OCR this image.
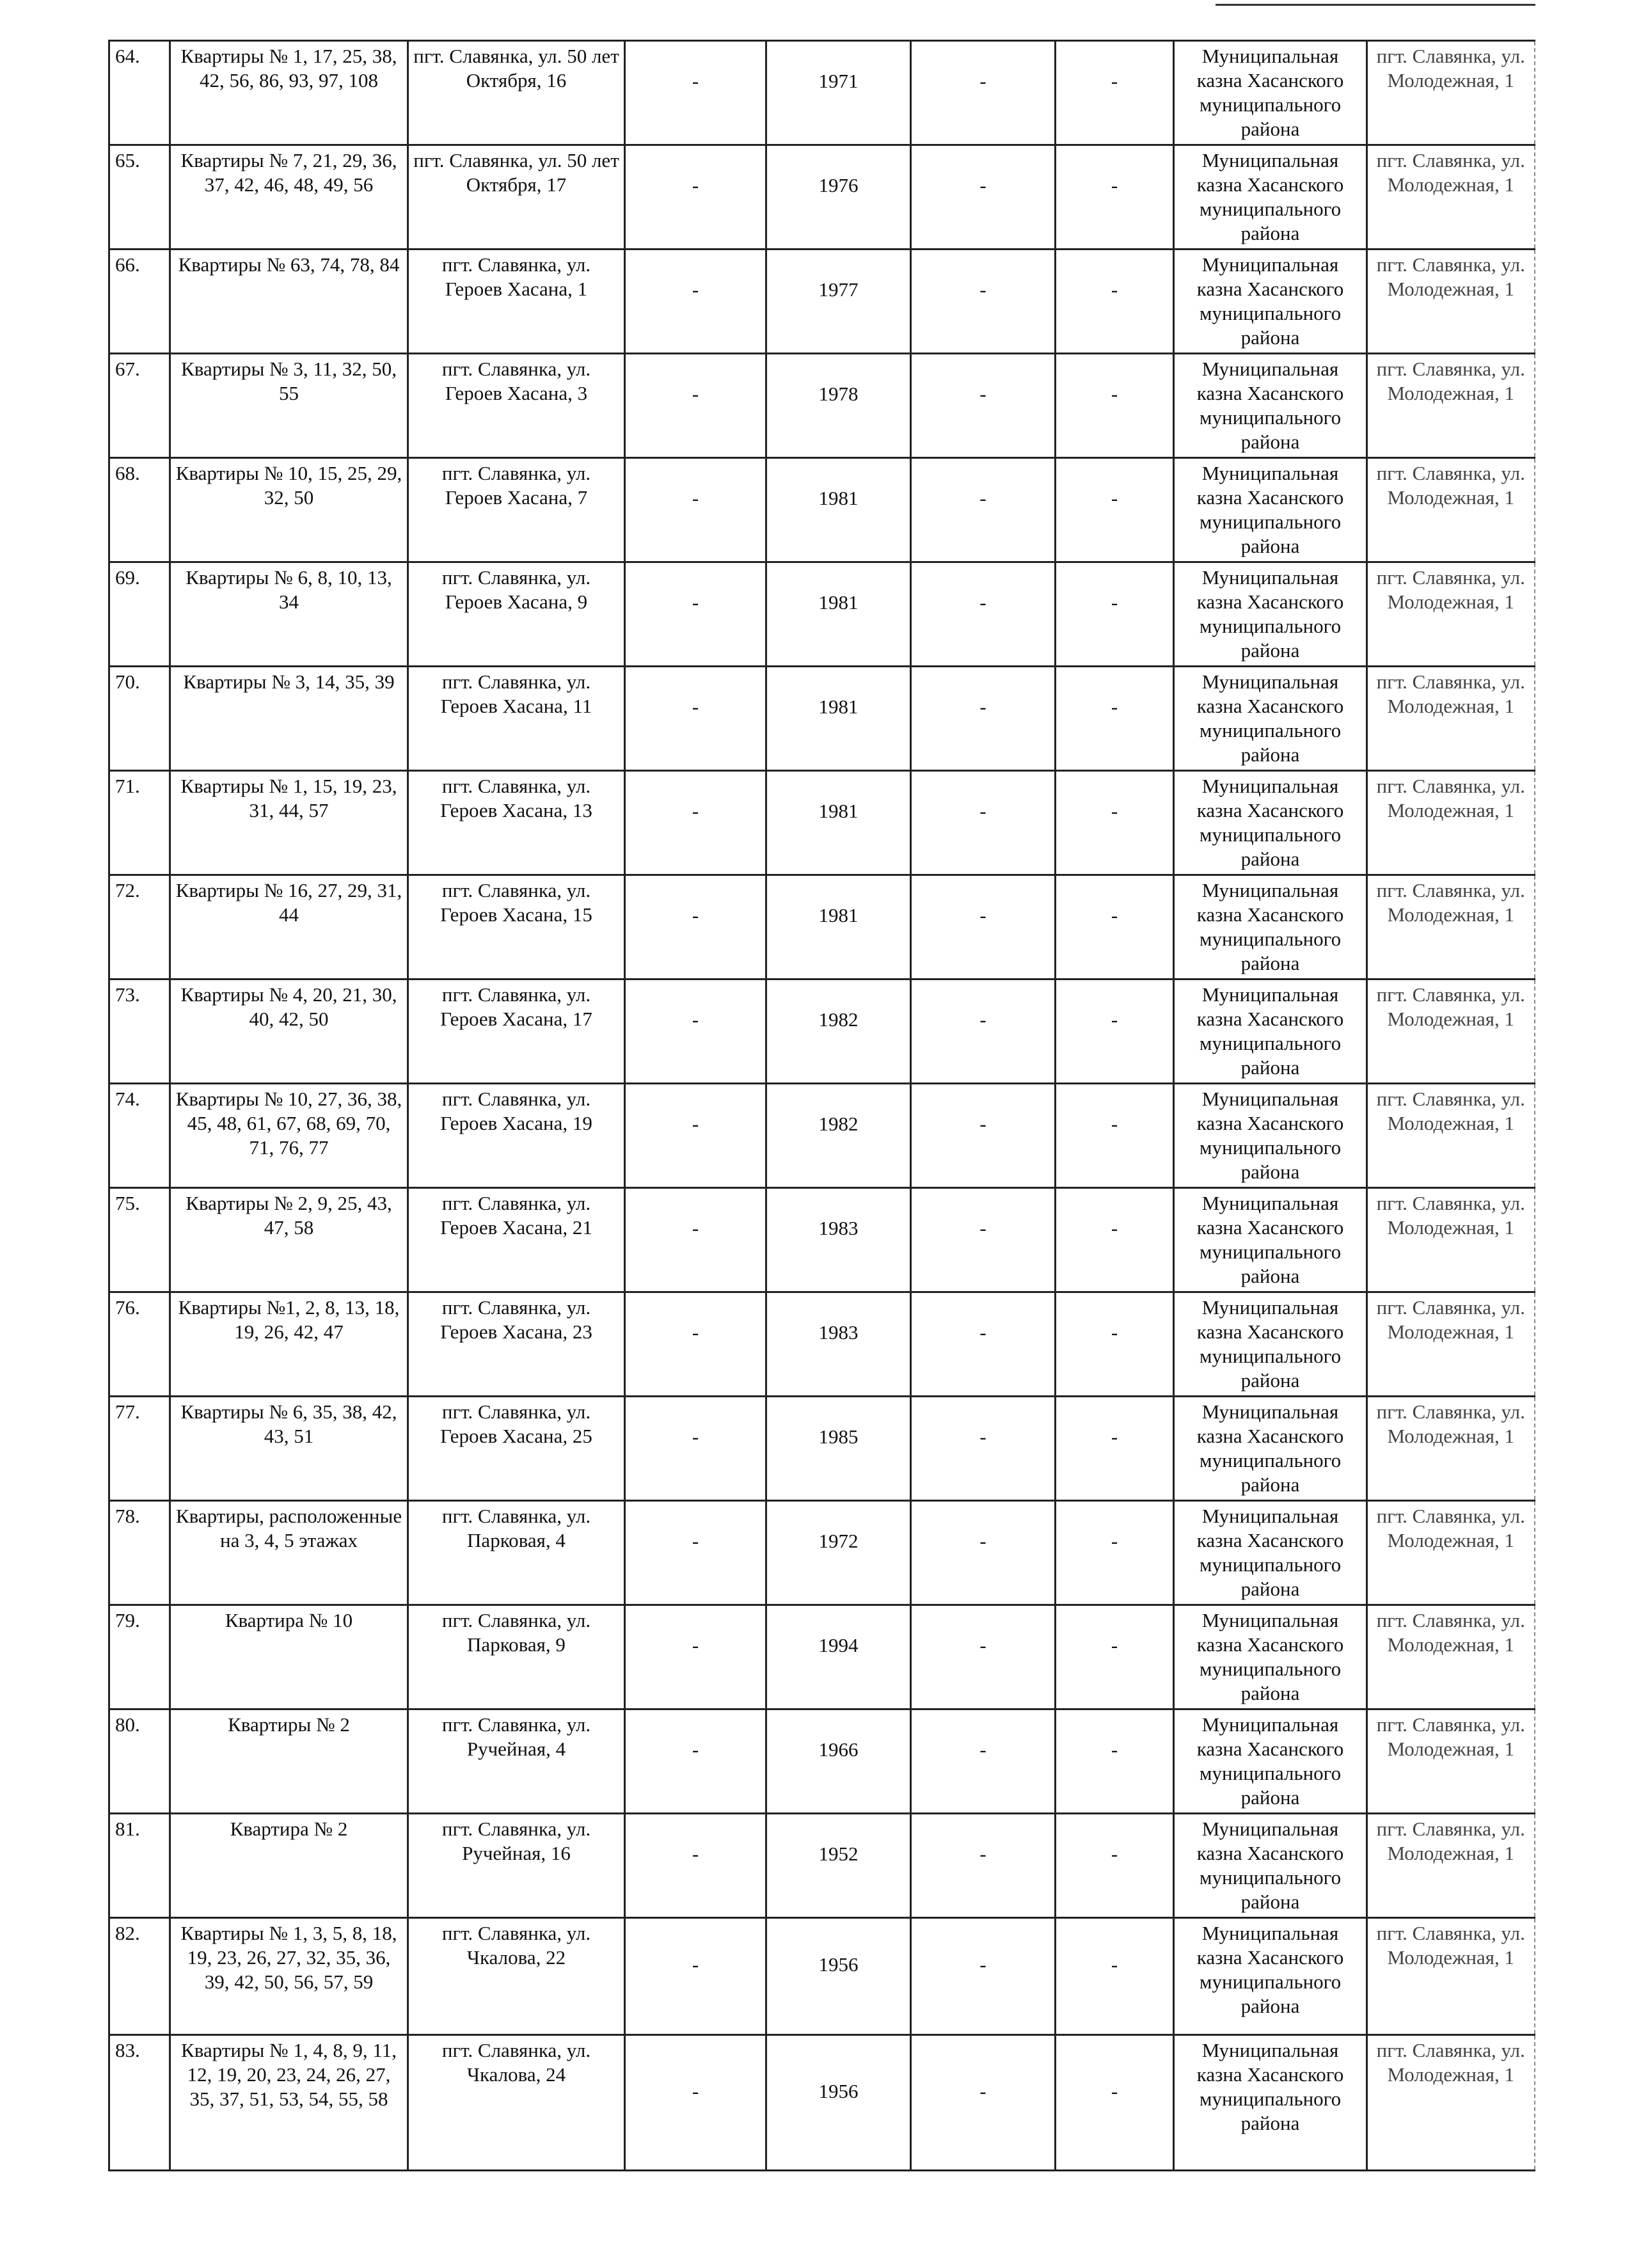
64.	Квартиры № 1, 17, 25, 38, 42, 56, 86, 93, 97, 108	пгт. Славянка, ул. 50 лет Октября, 16	-	1971	-	-	Муниципальная казна Хасанского муниципального района	пгт. Славянка, ул. Молодежная, 1
65.	Квартиры № 7, 21, 29, 36, 37, 42, 46, 48, 49, 56	пгт. Славянка, ул. 50 лет Октября, 17	-	1976	-	-	Муниципальная казна Хасанского муниципального района	пгт. Славянка, ул. Молодежная, 1
66.	Квартиры № 63, 74, 78, 84	пгт. Славянка, ул. Героев Хасана, 1	-	1977	-	-	Муниципальная казна Хасанского муниципального района	пгт. Славянка, ул. Молодежная, 1
67.	Квартиры № 3, 11, 32, 50, 55	пгт. Славянка, ул. Героев Хасана, 3	-	1978	-	-	Муниципальная казна Хасанского муниципального района	пгт. Славянка, ул. Молодежная, 1
68.	Квартиры № 10, 15, 25, 29, 32, 50	пгт. Славянка, ул. Героев Хасана, 7	-	1981	-	-	Муниципальная казна Хасанского муниципального района	пгт. Славянка, ул. Молодежная, 1
69.	Квартиры № 6, 8, 10, 13, 34	пгт. Славянка, ул. Героев Хасана, 9	-	1981	-	-	Муниципальная казна Хасанского муниципального района	пгт. Славянка, ул. Молодежная, 1
70.	Квартиры № 3, 14, 35, 39	пгт. Славянка, ул. Героев Хасана, 11	-	1981	-	-	Муниципальная казна Хасанского муниципального района	пгт. Славянка, ул. Молодежная, 1
71.	Квартиры № 1, 15, 19, 23, 31, 44, 57	пгт. Славянка, ул. Героев Хасана, 13	-	1981	-	-	Муниципальная казна Хасанского муниципального района	пгт. Славянка, ул. Молодежная, 1
72.	Квартиры № 16, 27, 29, 31, 44	пгт. Славянка, ул. Героев Хасана, 15	-	1981	-	-	Муниципальная казна Хасанского муниципального района	пгт. Славянка, ул. Молодежная, 1
73.	Квартиры № 4, 20, 21, 30, 40, 42, 50	пгт. Славянка, ул. Героев Хасана, 17	-	1982	-	-	Муниципальная казна Хасанского муниципального района	пгт. Славянка, ул. Молодежная, 1
74.	Квартиры № 10, 27, 36, 38, 45, 48, 61, 67, 68, 69, 70, 71, 76, 77	пгт. Славянка, ул. Героев Хасана, 19	-	1982	-	-	Муниципальная казна Хасанского муниципального района	пгт. Славянка, ул. Молодежная, 1
75.	Квартиры № 2, 9, 25, 43, 47, 58	пгт. Славянка, ул. Героев Хасана, 21	-	1983	-	-	Муниципальная казна Хасанского муниципального района	пгт. Славянка, ул. Молодежная, 1
76.	Квартиры №1, 2, 8, 13, 18, 19, 26, 42, 47	пгт. Славянка, ул. Героев Хасана, 23	-	1983	-	-	Муниципальная казна Хасанского муниципального района	пгт. Славянка, ул. Молодежная, 1
77.	Квартиры № 6, 35, 38, 42, 43, 51	пгт. Славянка, ул. Героев Хасана, 25	-	1985	-	-	Муниципальная казна Хасанского муниципального района	пгт. Славянка, ул. Молодежная, 1
78.	Квартиры, расположенные на 3, 4, 5 этажах	пгт. Славянка, ул. Парковая, 4	-	1972	-	-	Муниципальная казна Хасанского муниципального района	пгт. Славянка, ул. Молодежная, 1
79.	Квартира № 10	пгт. Славянка, ул. Парковая, 9	-	1994	-	-	Муниципальная казна Хасанского муниципального района	пгт. Славянка, ул. Молодежная, 1
80.	Квартиры № 2	пгт. Славянка, ул. Ручейная, 4	-	1966	-	-	Муниципальная казна Хасанского муниципального района	пгт. Славянка, ул. Молодежная, 1
81.	Квартира № 2	пгт. Славянка, ул. Ручейная, 16	-	1952	-	-	Муниципальная казна Хасанского муниципального района	пгт. Славянка, ул. Молодежная, 1
82.	Квартиры № 1, 3, 5, 8, 18, 19, 23, 26, 27, 32, 35, 36, 39, 42, 50, 56, 57, 59	пгт. Славянка, ул. Чкалова, 22	-	1956	-	-	Муниципальная казна Хасанского муниципального района	пгт. Славянка, ул. Молодежная, 1
83.	Квартиры № 1, 4, 8, 9, 11, 12, 19, 20, 23, 24, 26, 27, 35, 37, 51, 53, 54, 55, 58	пгт. Славянка, ул. Чкалова, 24	-	1956	-	-	Муниципальная казна Хасанского муниципального района	пгт. Славянка, ул. Молодежная, 1
